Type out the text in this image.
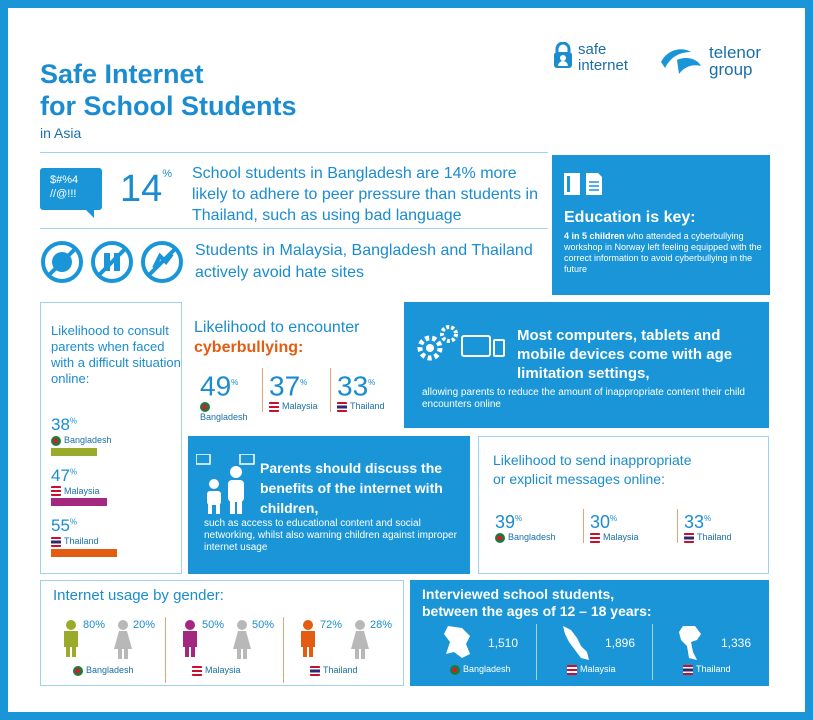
Safe Internet
for School Students
in Asia
safe
internet
telenor
group
$#%4
//@!!!	14% School students in Bangladesh are 14% more likely to adhere to peer pressure than students in Thailand, such as using bad language
Students in Malaysia, Bangladesh and Thailand actively avoid hate sites
Education is key:
4 in 5 children who attended a cyberbullying workshop in Norway left feeling equipped with the correct information to avoid cyberbullying in the future
Likelihood to consult parents when faced with a difficult situation online:
38%
Bangladesh
47%
Malaysia
55%
Thailand
Likelihood to encounter
cyberbullying:
49%
Bangladesh
37%
Malaysia
33%
Thailand
Most computers, tablets and mobile devices come with age limitation settings,
allowing parents to reduce the amount of inappropriate content their child encounters online
Parents should discuss the benefits of the internet with children,
such as access to educational content and social networking, whilst also warning children against improper internet usage
Likelihood to send inappropriate or explicit messages online:
39%
Bangladesh
30%
Malaysia
33%
Thailand
Internet usage by gender:
80%	20%
Bangladesh
50%	50%
Malaysia
72%	28%
Thailand
Interviewed school students,
between the ages of 12 – 18 years:
1,510
Bangladesh
1,896
Malaysia
1,336
Thailand
